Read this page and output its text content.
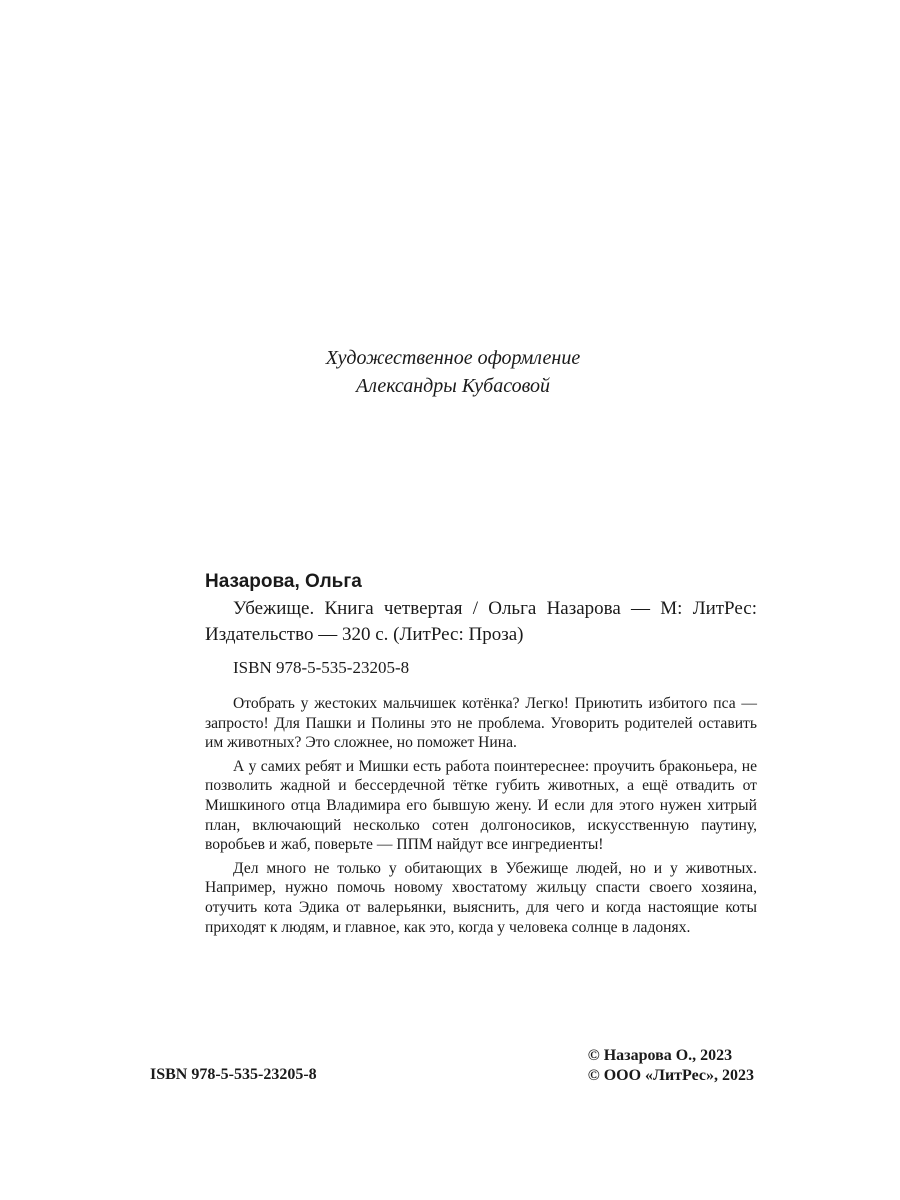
Художественное оформление
Александры Кубасовой

Назарова, Ольга

Убежище. Книга четвертая / Ольга Назарова — М: ЛитРес: Издательство — 320 с. (ЛитРес: Проза)

ISBN 978-5-535-23205-8

Отобрать у жестоких мальчишек котёнка? Легко! Приютить избитого пса — запросто! Для Пашки и Полины это не проблема. Уговорить родителей оставить им животных? Это сложнее, но поможет Нина.

А у самих ребят и Мишки есть работа поинтереснее: проучить браконьера, не позволить жадной и бессердечной тётке губить животных, а ещё отвадить от Мишкиного отца Владимира его бывшую жену. И если для этого нужен хитрый план, включающий несколько сотен долгоносиков, искусственную паутину, воробьев и жаб, поверьте — ППМ найдут все ингредиенты!

Дел много не только у обитающих в Убежище людей, но и у животных. Например, нужно помочь новому хвостатому жильцу спасти своего хозяина, отучить кота Эдика от валерьянки, выяснить, для чего и когда настоящие коты приходят к людям, и главное, как это, когда у человека солнце в ладонях.

ISBN 978-5-535-23205-8
© Назарова О., 2023
© ООО «ЛитРес», 2023
